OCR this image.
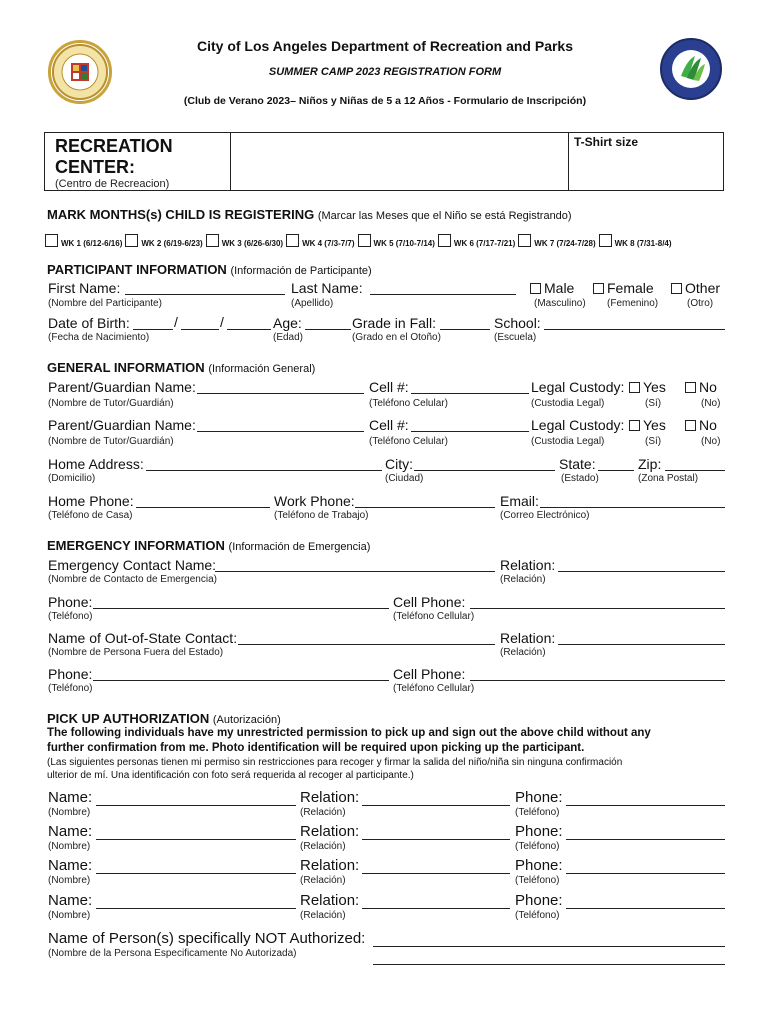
City of Los Angeles Department of Recreation and Parks
SUMMER CAMP 2023 REGISTRATION FORM
(Club de Verano 2023– Niños y Niñas de 5 a 12 Años - Formulario de Inscripción)
RECREATION
CENTER:
(Centro de Recreacion)
T-Shirt size
MARK MONTHS(s) CHILD IS REGISTERING (Marcar las Meses que el Niño se está Registrando)
WK 1 (6/12-6/16) WK 2 (6/19-6/23) WK 3 (6/26-6/30) WK 4 (7/3-7/7) WK 5 (7/10-7/14) WK 6 (7/17-7/21) WK 7 (7/24-7/28) WK 8 (7/31-8/4)
PARTICIPANT INFORMATION (Información de Participante)
First Name:
(Nombre del Participante)
Last Name:
(Apellido)
Male
(Masculino)
Female
(Femenino)
Other
(Otro)
Date of Birth:	/	/
(Fecha de Nacimiento)
Age:
(Edad)
Grade in Fall:
(Grado en el Otoño)
School:
(Escuela)
GENERAL INFORMATION (Información General)
Parent/Guardian Name:
(Nombre de Tutor/Guardián)
Cell #:
(Teléfono Celular)
Legal Custody:	Yes	No
(Custodia Legal)	(Sí)	(No)
Parent/Guardian Name:
(Nombre de Tutor/Guardián)
Cell #:
(Teléfono Celular)
Legal Custody:	Yes	No
(Custodia Legal)	(Sí)	(No)
Home Address:
(Domicilio)
City:
(Ciudad)
State:
(Estado)
Zip:
(Zona Postal)
Home Phone:
(Teléfono de Casa)
Work Phone:
(Teléfono de Trabajo)
Email:
(Correo Electrónico)
EMERGENCY INFORMATION (Información de Emergencia)
Emergency Contact Name:
(Nombre de Contacto de Emergencia)
Relation:
(Relación)
Phone:
(Teléfono)
Cell Phone:
(Teléfono Cellular)
Name of Out-of-State Contact:
(Nombre de Persona Fuera del Estado)
Relation:
(Relación)
Phone:
(Teléfono)
Cell Phone:
(Teléfono Cellular)
PICK UP AUTHORIZATION (Autorización)
The following individuals have my unrestricted permission to pick up and sign out the above child without any
further confirmation from me. Photo identification will be required upon picking up the participant.
(Las siguientes personas tienen mi permiso sin restricciones para recoger y firmar la salida del niño/niña sin ninguna confirmación
ulterior de mí. Una identificación con foto será requerida al recoger al participante.)
Name:
(Nombre)
Relation:
(Relación)
Phone:
(Teléfono)
Name:
(Nombre)
Relation:
(Relación)
Phone:
(Teléfono)
Name:
(Nombre)
Relation:
(Relación)
Phone:
(Teléfono)
Name:
(Nombre)
Relation:
(Relación)
Phone:
(Teléfono)
Name of Person(s) specifically NOT Authorized:
(Nombre de la Persona Especificamente No Autorizada)
